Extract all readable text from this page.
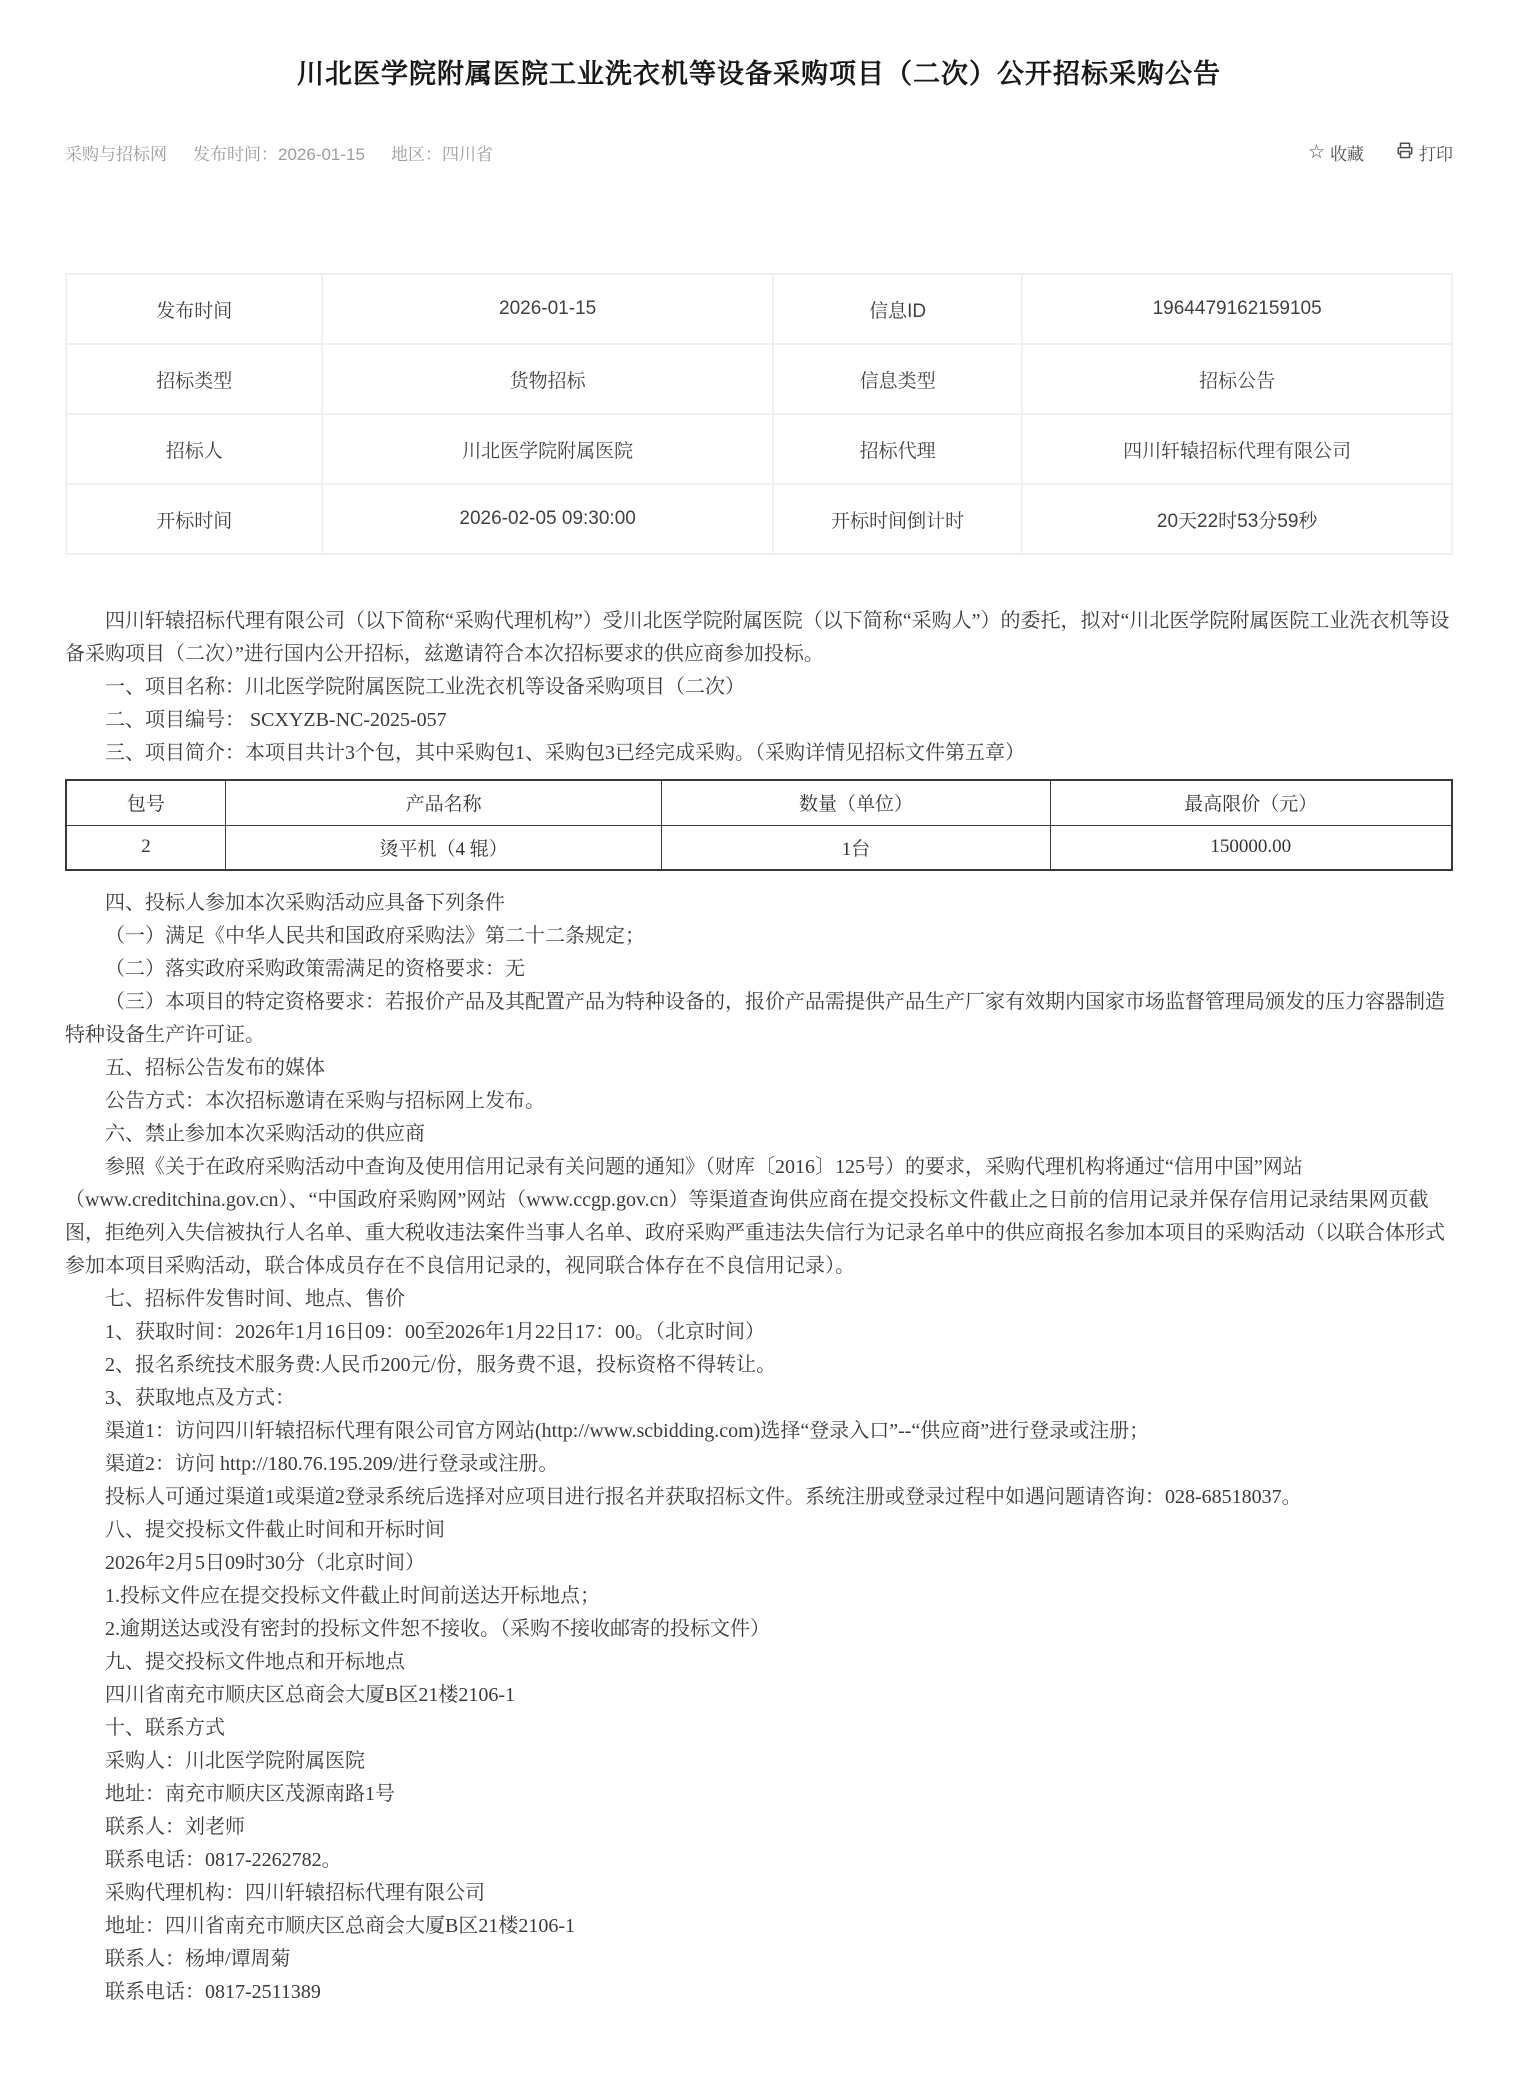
川北医学院附属医院工业洗衣机等设备采购项目（二次）公开招标采购公告
采购与招标网 发布时间：2026-01-15 地区：四川省	☆ 收藏	打印
发布时间	2026-01-15	信息ID	1964479162159105
招标类型	货物招标	信息类型	招标公告
招标人	川北医学院附属医院	招标代理	四川轩辕招标代理有限公司
开标时间	2026-02-05 09:30:00	开标时间倒计时	20天22时53分59秒

四川轩辕招标代理有限公司（以下简称“采购代理机构”）受川北医学院附属医院（以下简称“采购人”）的委托，拟对“川北医学院附属医院工业洗衣机等设备采购项目（二次）”进行国内公开招标，兹邀请符合本次招标要求的供应商参加投标。

一、项目名称：川北医学院附属医院工业洗衣机等设备采购项目（二次）

二、项目编号： SCXYZB-NC-2025-057

三、项目简介：本项目共计3个包，其中采购包1、采购包3已经完成采购。（采购详情见招标文件第五章）

包号	产品名称	数量（单位）	最高限价（元）
2	烫平机（4 辊）	1台	150000.00

四、投标人参加本次采购活动应具备下列条件

（一）满足《中华人民共和国政府采购法》第二十二条规定；

（二）落实政府采购政策需满足的资格要求：无

（三）本项目的特定资格要求：若报价产品及其配置产品为特种设备的，报价产品需提供产品生产厂家有效期内国家市场监督管理局颁发的压力容器制造特种设备生产许可证。

五、招标公告发布的媒体

公告方式：本次招标邀请在采购与招标网上发布。

六、禁止参加本次采购活动的供应商

参照《关于在政府采购活动中查询及使用信用记录有关问题的通知》（财库〔2016〕125号）的要求，采购代理机构将通过“信用中国”网站（www.creditchina.gov.cn）、“中国政府采购网”网站（www.ccgp.gov.cn）等渠道查询供应商在提交投标文件截止之日前的信用记录并保存信用记录结果网页截图，拒绝列入失信被执行人名单、重大税收违法案件当事人名单、政府采购严重违法失信行为记录名单中的供应商报名参加本项目的采购活动（以联合体形式参加本项目采购活动，联合体成员存在不良信用记录的，视同联合体存在不良信用记录）。

七、招标件发售时间、地点、售价

1、获取时间：2026年1月16日09：00至2026年1月22日17：00。（北京时间）

2、报名系统技术服务费:人民币200元/份，服务费不退，投标资格不得转让。

3、获取地点及方式：

渠道1：访问四川轩辕招标代理有限公司官方网站(http://www.scbidding.com)选择“登录入口”--“供应商”进行登录或注册；

渠道2：访问 http://180.76.195.209/进行登录或注册。

投标人可通过渠道1或渠道2登录系统后选择对应项目进行报名并获取招标文件。系统注册或登录过程中如遇问题请咨询：028-68518037。

八、提交投标文件截止时间和开标时间

2026年2月5日09时30分（北京时间）

1.投标文件应在提交投标文件截止时间前送达开标地点；

2.逾期送达或没有密封的投标文件恕不接收。（采购不接收邮寄的投标文件）

九、提交投标文件地点和开标地点

四川省南充市顺庆区总商会大厦B区21楼2106-1

十、联系方式

采购人：川北医学院附属医院

地址：南充市顺庆区茂源南路1号

联系人：刘老师

联系电话：0817-2262782。

采购代理机构：四川轩辕招标代理有限公司

地址：四川省南充市顺庆区总商会大厦B区21楼2106-1

联系人：杨坤/谭周菊

联系电话：0817-2511389
